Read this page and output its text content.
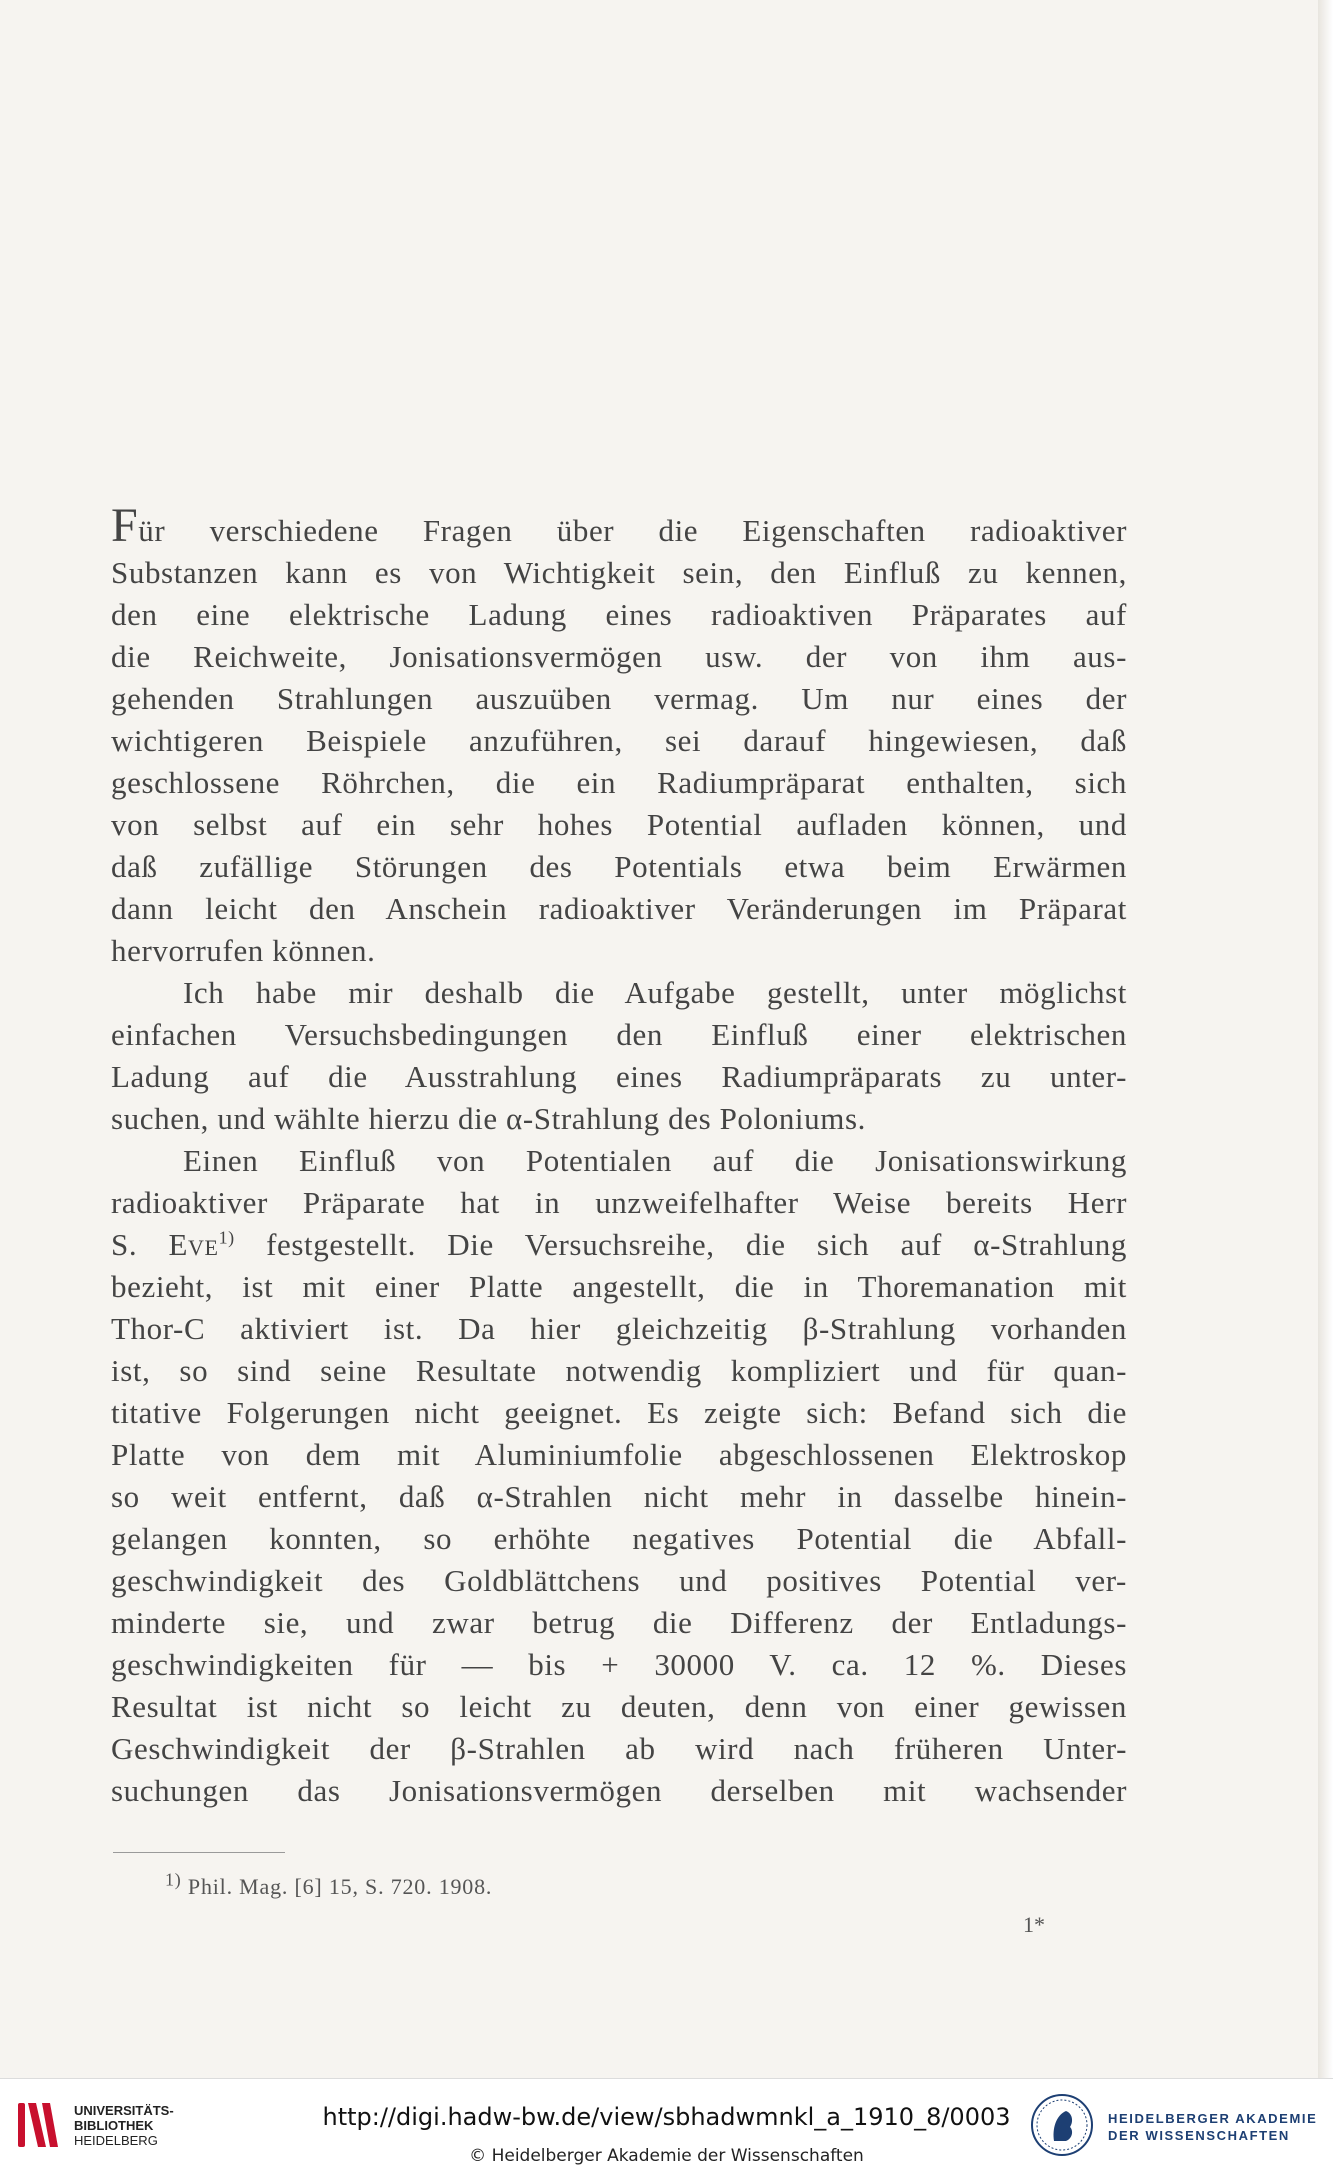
Für verschiedene Fragen über die Eigenschaften radioaktiver
Substanzen kann es von Wichtigkeit sein, den Einfluß zu kennen,
den eine elektrische Ladung eines radioaktiven Präparates auf
die Reichweite, Jonisationsvermögen usw. der von ihm aus-
gehenden Strahlungen auszuüben vermag. Um nur eines der
wichtigeren Beispiele anzuführen, sei darauf hingewiesen, daß
geschlossene Röhrchen, die ein Radiumpräparat enthalten, sich
von selbst auf ein sehr hohes Potential aufladen können, und
daß zufällige Störungen des Potentials etwa beim Erwärmen
dann leicht den Anschein radioaktiver Veränderungen im Präparat
hervorrufen können.
Ich habe mir deshalb die Aufgabe gestellt, unter möglichst
einfachen Versuchsbedingungen den Einfluß einer elektrischen
Ladung auf die Ausstrahlung eines Radiumpräparats zu unter-
suchen, und wählte hierzu die α-Strahlung des Poloniums.
Einen Einfluß von Potentialen auf die Jonisationswirkung
radioaktiver Präparate hat in unzweifelhafter Weise bereits Herr
S. Eve$^{1)}$ festgestellt. Die Versuchsreihe, die sich auf α-Strahlung
bezieht, ist mit einer Platte angestellt, die in Thoremanation mit
Thor-C aktiviert ist. Da hier gleichzeitig β-Strahlung vorhanden
ist, so sind seine Resultate notwendig kompliziert und für quan-
titative Folgerungen nicht geeignet. Es zeigte sich: Befand sich die
Platte von dem mit Aluminiumfolie abgeschlossenen Elektroskop
so weit entfernt, daß α-Strahlen nicht mehr in dasselbe hinein-
gelangen konnten, so erhöhte negatives Potential die Abfall-
geschwindigkeit des Goldblättchens und positives Potential ver-
minderte sie, und zwar betrug die Differenz der Entladungs-
geschwindigkeiten für — bis + 30000 V. ca. 12 %. Dieses
Resultat ist nicht so leicht zu deuten, denn von einer gewissen
Geschwindigkeit der β-Strahlen ab wird nach früheren Unter-
suchungen das Jonisationsvermögen derselben mit wachsender
$^{1)}$ Phil. Mag. [6] 15, S. 720. 1908.
1*
UNIVERSITÄTS-
BIBLIOTHEK
HEIDELBERG
http://digi.hadw-bw.de/view/sbhadwmnkl_a_1910_8/0003
© Heidelberger Akademie der Wissenschaften
HEIDELBERGER AKADEMIE
DER WISSENSCHAFTEN
